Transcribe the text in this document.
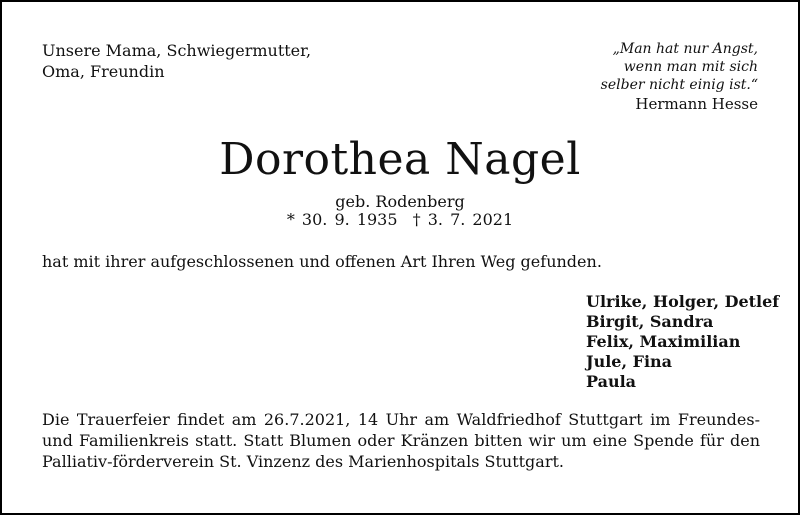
Unsere Mama, Schwiegermutter,
Oma, Freundin
„Man hat nur Angst,
wenn man mit sich
selber nicht einig ist.“
Hermann Hesse
Dorothea Nagel
geb. Rodenberg
* 30. 9. 1935 † 3. 7. 2021
hat mit ihrer aufgeschlossenen und offenen Art Ihren Weg gefunden.
Ulrike, Holger, Detlef
Birgit, Sandra
Felix, Maximilian
Jule, Fina
Paula
Die Trauerfeier findet am 26.7.2021, 14 Uhr am Waldfriedhof Stuttgart im Freundes- und Familienkreis statt. Statt Blumen oder Kränzen bitten wir um eine Spende für den Palliativ-förderverein St. Vinzenz des Marienhospitals Stuttgart.
